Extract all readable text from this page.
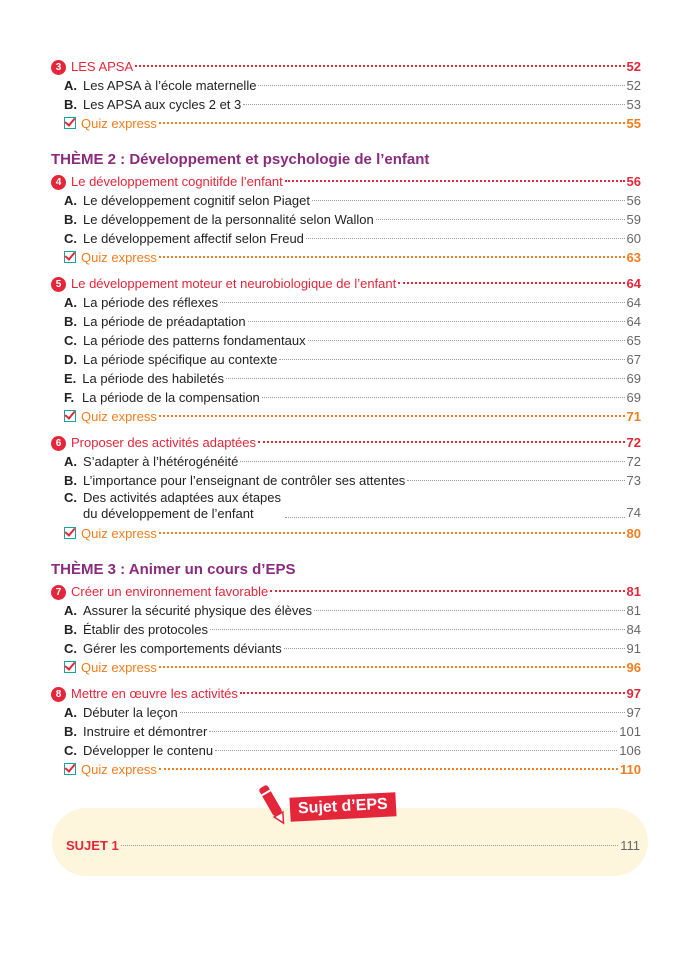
3 LES APSA	52
A. Les APSA à l’école maternelle	52
B. Les APSA aux cycles 2 et 3	53
Quiz express	55
THÈME 2 : Développement et psychologie de l’enfant
4 Le développement cognitifde l’enfant	56
A. Le développement cognitif selon Piaget	56
B. Le développement de la personnalité selon Wallon	59
C. Le développement affectif selon Freud	60
Quiz express	63
5 Le développement moteur et neurobiologique de l’enfant	64
A. La période des réflexes	64
B. La période de préadaptation	64
C. La période des patterns fondamentaux	65
D. La période spécifique au contexte	67
E. La période des habiletés	69
F. La période de la compensation	69
Quiz express	71
6 Proposer des activités adaptées	72
A. S’adapter à l’hétérogénéité	72
B. L’importance pour l’enseignant de contrôler ses attentes	73
C. Des activités adaptées aux étapes du développement de l’enfant	74
Quiz express	80
THÈME 3 : Animer un cours d’EPS
7 Créer un environnement favorable	81
A. Assurer la sécurité physique des élèves	81
B. Établir des protocoles	84
C. Gérer les comportements déviants	91
Quiz express	96
8 Mettre en œuvre les activités	97
A. Débuter la leçon	97
B. Instruire et démontrer	101
C. Développer le contenu	106
Quiz express	110
Sujet d’EPS
SUJET 1	111
